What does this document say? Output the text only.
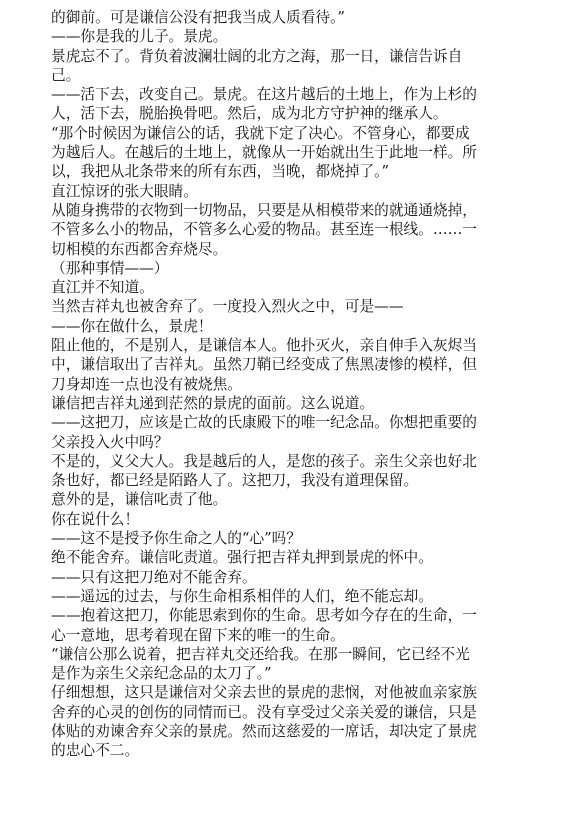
的御前。可是谦信公没有把我当成人质看待。”
——你是我的儿子。景虎。
景虎忘不了。背负着波澜壮阔的北方之海，那一日，谦信告诉自
己。
——活下去，改变自己。景虎。在这片越后的土地上，作为上杉的
人，活下去，脱胎换骨吧。然后，成为北方守护神的继承人。
“那个时候因为谦信公的话，我就下定了决心。不管身心，都要成
为越后人。在越后的土地上，就像从一开始就出生于此地一样。所
以，我把从北条带来的所有东西，当晚，都烧掉了。”
直江惊讶的张大眼睛。
从随身携带的衣物到一切物品，只要是从相模带来的就通通烧掉，
不管多么小的物品，不管多么心爱的物品。甚至连一根线。……一
切相模的东西都舍弃烧尽。
（那种事情——）
直江并不知道。
当然吉祥丸也被舍弃了。一度投入烈火之中，可是——
——你在做什么，景虎！
阻止他的，不是别人，是谦信本人。他扑灭火，亲自伸手入灰烬当
中，谦信取出了吉祥丸。虽然刀鞘已经变成了焦黑凄惨的模样，但
刀身却连一点也没有被烧焦。
谦信把吉祥丸递到茫然的景虎的面前。这么说道。
——这把刀，应该是亡故的氏康殿下的唯一纪念品。你想把重要的
父亲投入火中吗？
不是的，义父大人。我是越后的人，是您的孩子。亲生父亲也好北
条也好，都已经是陌路人了。这把刀，我没有道理保留。
意外的是，谦信叱责了他。
你在说什么！
——这不是授予你生命之人的“心”吗？
绝不能舍弃。谦信叱责道。强行把吉祥丸押到景虎的怀中。
——只有这把刀绝对不能舍弃。
——遥远的过去，与你生命相系相伴的人们，绝不能忘却。
——抱着这把刀，你能思索到你的生命。思考如今存在的生命，一
心一意地，思考着现在留下来的唯一的生命。
“谦信公那么说着，把吉祥丸交还给我。在那一瞬间，它已经不光
是作为亲生父亲纪念品的太刀了。”
仔细想想，这只是谦信对父亲去世的景虎的悲悯，对他被血亲家族
舍弃的心灵的创伤的同情而已。没有享受过父亲关爱的谦信，只是
体贴的劝谏舍弃父亲的景虎。然而这慈爱的一席话，却决定了景虎
的忠心不二。
